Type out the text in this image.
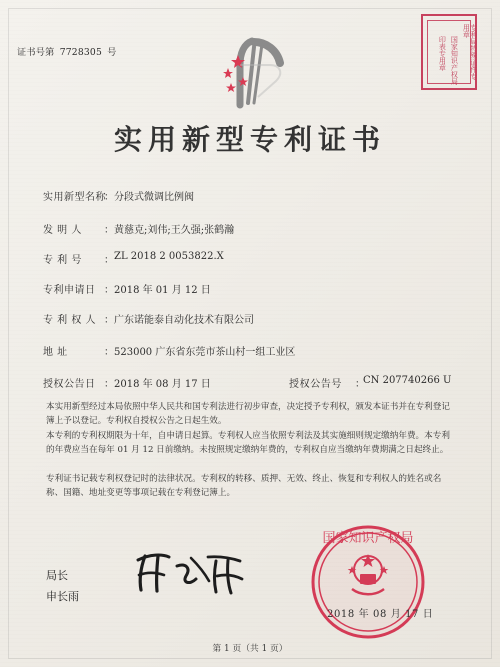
证书号第 7728305 号	专利局特殊证件专用章
国家知识产权局
印表专用章
实用新型专利证书
实用新型名称
： 分段式微调比例阀
发 明 人 ： 黄慈克;刘伟;王久强;张鹤瀚
专 利 号 ： ZL 2018 2 0053822.X
专利申请日 ： 2018 年 01 月 12 日
专 利 权 人 ： 广东诺能泰自动化技术有限公司
地 址	： 523000 广东省东莞市茶山村一组工业区
授权公告日 ： 2018 年 08 月 17 日	授权公告号 ：
CN 207740266 U
本实用新型经过本局依照中华人民共和国专利法进行初步审查，决定授予专利权，颁发本证书并在专利登记簿上予以登记。专利权自授权公告之日起生效。
本专利的专利权期限为十年，自申请日起算。专利权人应当依照专利法及其实施细则规定缴纳年费。本专利的年费应当在每年 01 月 12 日前缴纳。未按照规定缴纳年费的，专利权自应当缴纳年费期满之日起终止。
专利证书记载专利权登记时的法律状况。专利权的转移、质押、无效、终止、恢复和专利权人的姓名或名称、国籍、地址变更等事项记载在专利登记簿上。
局长
申长雨
国家知识产权局
2018 年 08 月 17 日
第 1 页（共 1 页）
